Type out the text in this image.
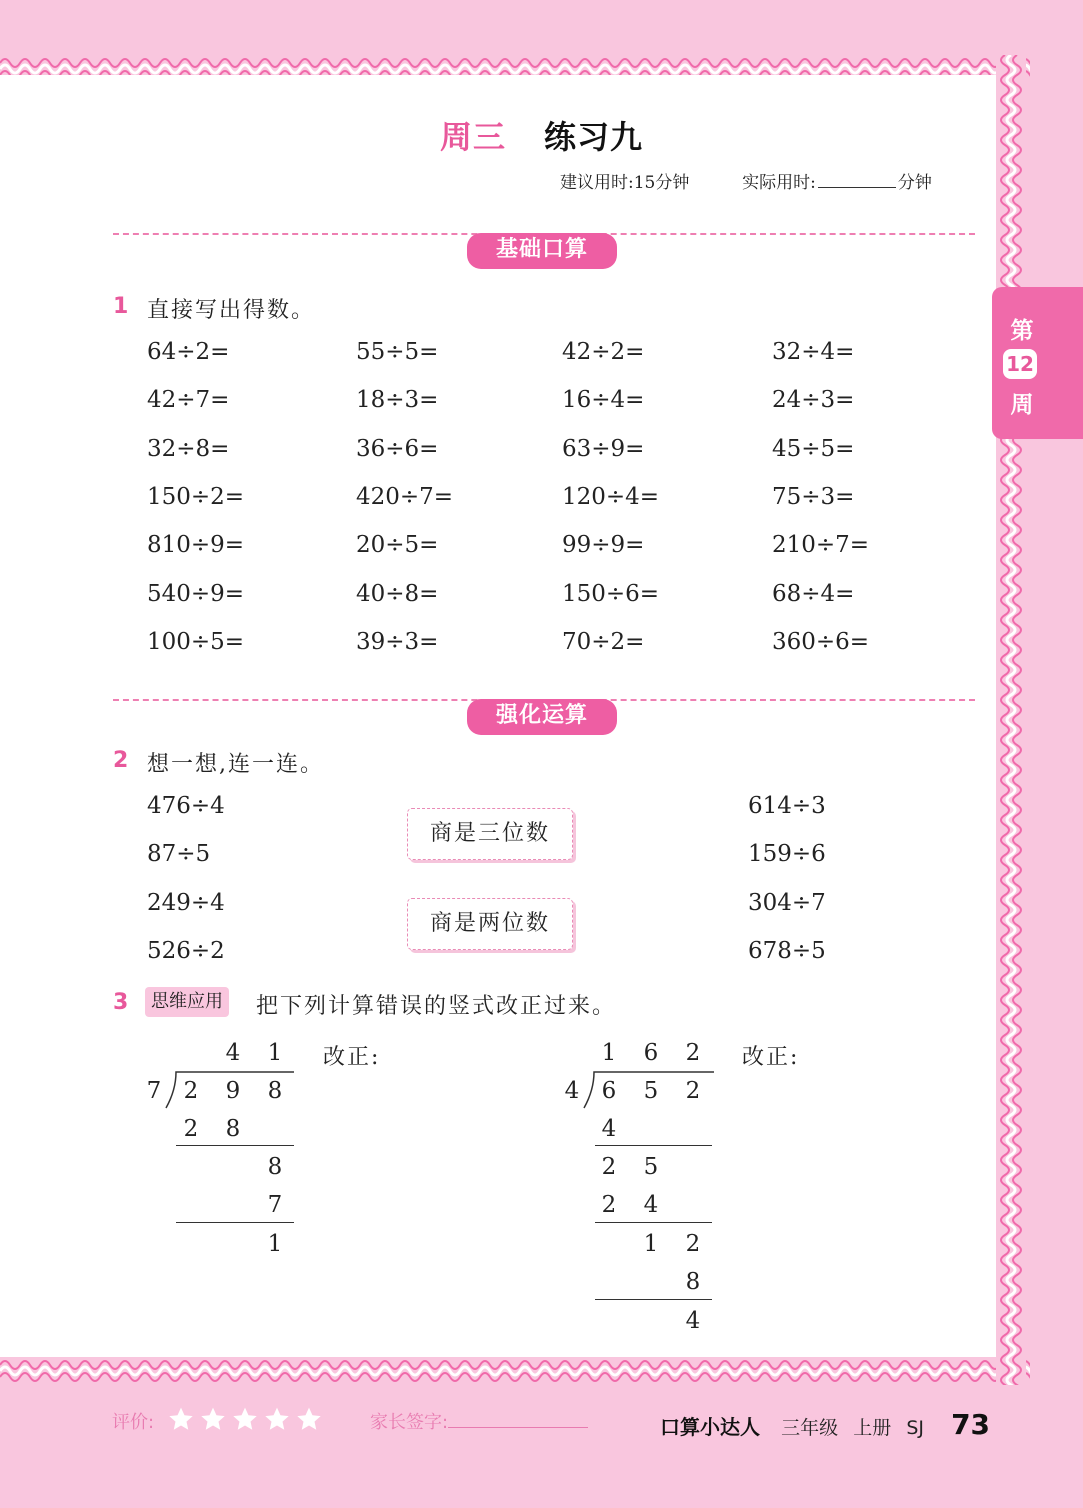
周三 练习九
建议用时:15分钟	实际用时:	分钟
第
12
周
基础口算
1 直接写出得数。
64÷2=	55÷5=	42÷2=	32÷4=
42÷7=	18÷3=	16÷4=	24÷3=
32÷8=	36÷6=	63÷9=	45÷5=
150÷2=	420÷7=	120÷4=	75÷3=
810÷9=	20÷5=	99÷9=	210÷7=
540÷9=	40÷8=	150÷6=	68÷4=
100÷5=	39÷3=	70÷2=	360÷6=
强化运算
2 想一想,连一连。
476÷4
87÷5
249÷4
526÷2
614÷3
159÷6
304÷7
678÷5
商是三位数
商是两位数
3	思维应用 把下列计算错误的竖式改正过来。
改正:	改正:
4 1
7 2 9 8
2 8
8
7
1
1 6 2
4 6 5 2
4
2 5
2 4
1 2
8
4
评价:	家长签字:	口算小达人 三年级 上册 SJ 73
